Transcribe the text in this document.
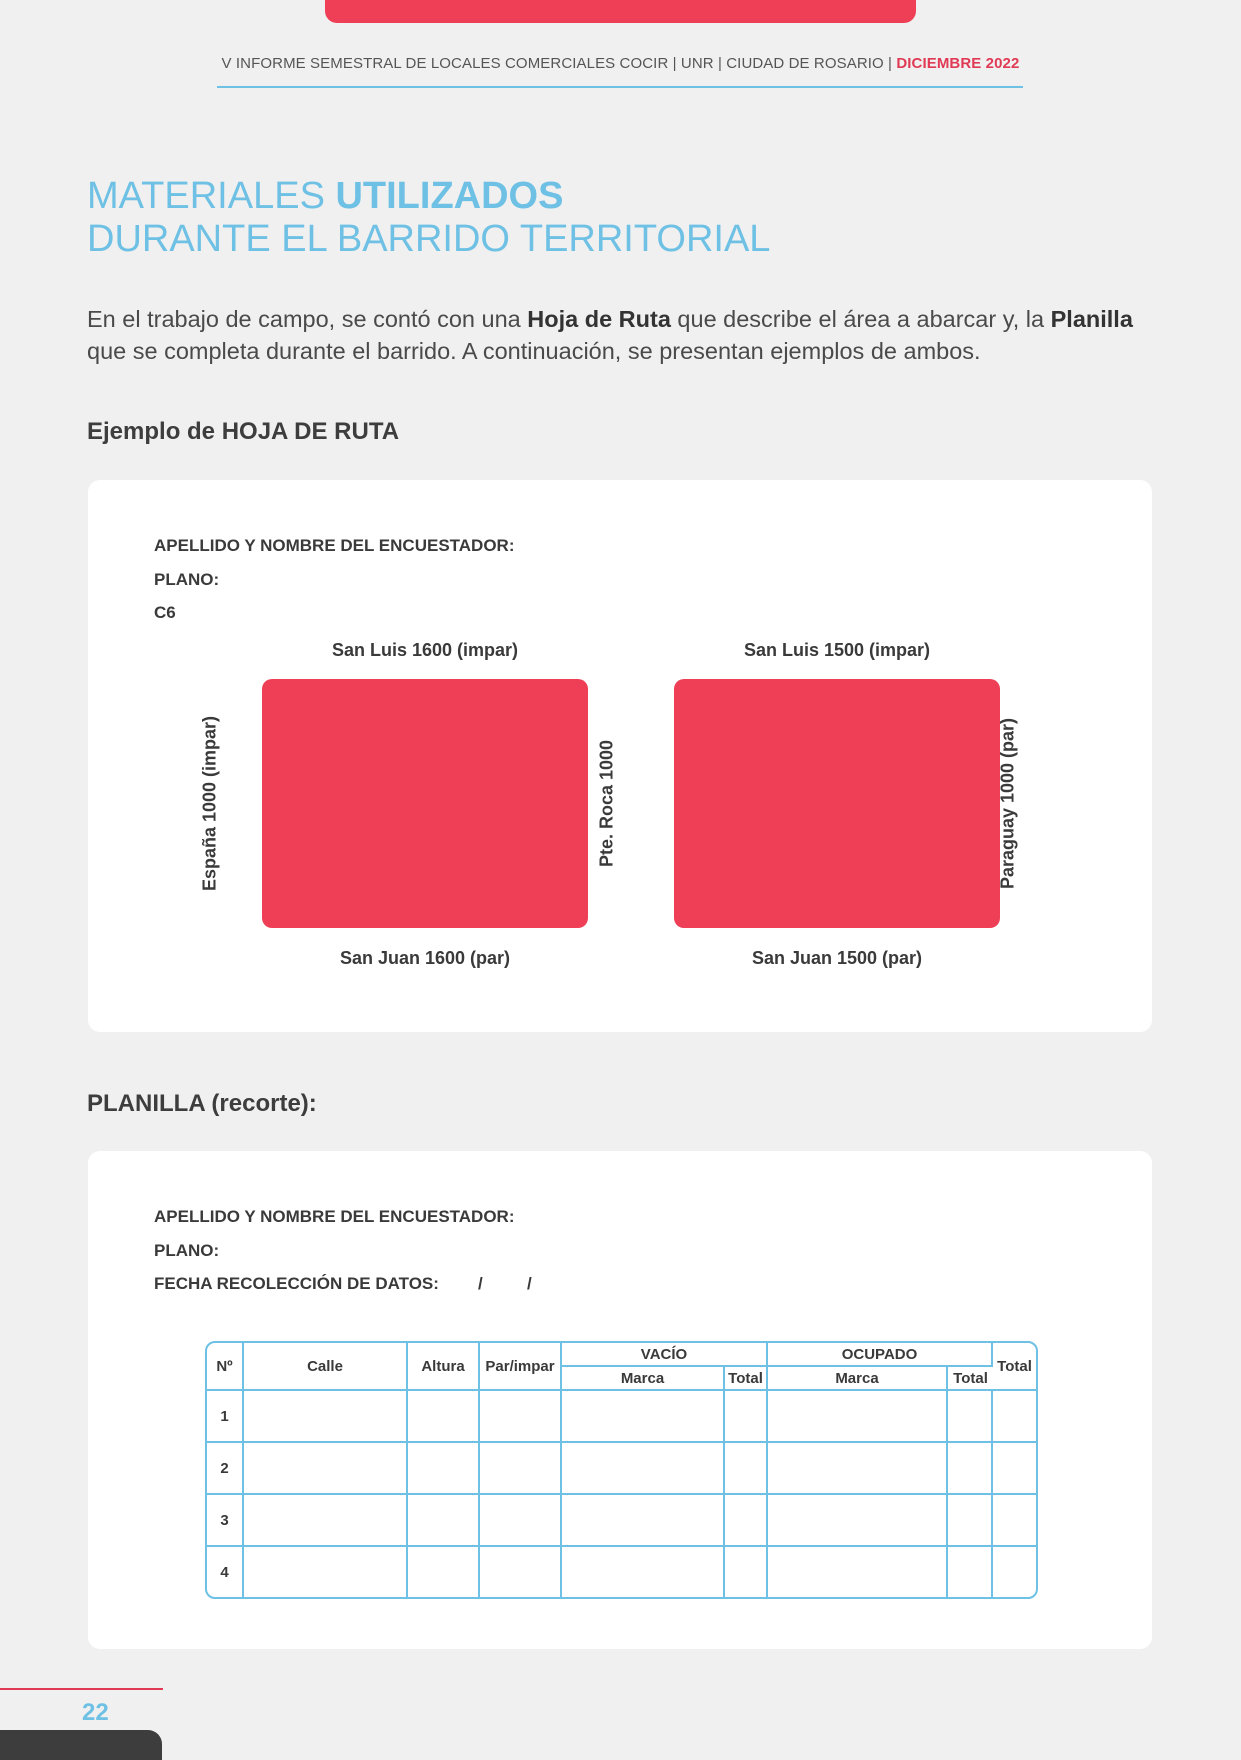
V INFORME SEMESTRAL DE LOCALES COMERCIALES COCIR | UNR | CIUDAD DE ROSARIO | DICIEMBRE 2022
MATERIALES UTILIZADOS
DURANTE EL BARRIDO TERRITORIAL
En el trabajo de campo, se contó con una Hoja de Ruta que describe el área a abarcar y, la Planilla que se completa durante el barrido. A continuación, se presentan ejemplos de ambos.
Ejemplo de HOJA DE RUTA
APELLIDO Y NOMBRE DEL ENCUESTADOR:
PLANO:
C6
San Luis 1600 (impar)	San Luis 1500 (impar)
España 1000 (impar)	Pte. Roca 1000	Paraguay 1000 (par)
San Juan 1600 (par)	San Juan 1500 (par)
PLANILLA (recorte):
APELLIDO Y NOMBRE DEL ENCUESTADOR:
PLANO:
FECHA RECOLECCIÓN DE DATOS: /	/
Nº	Calle	Altura	Par/impar	VACÍO		OCUPADO		Total
				Marca	Total	Marca	Total	
1								
2								
3								
4								
22
